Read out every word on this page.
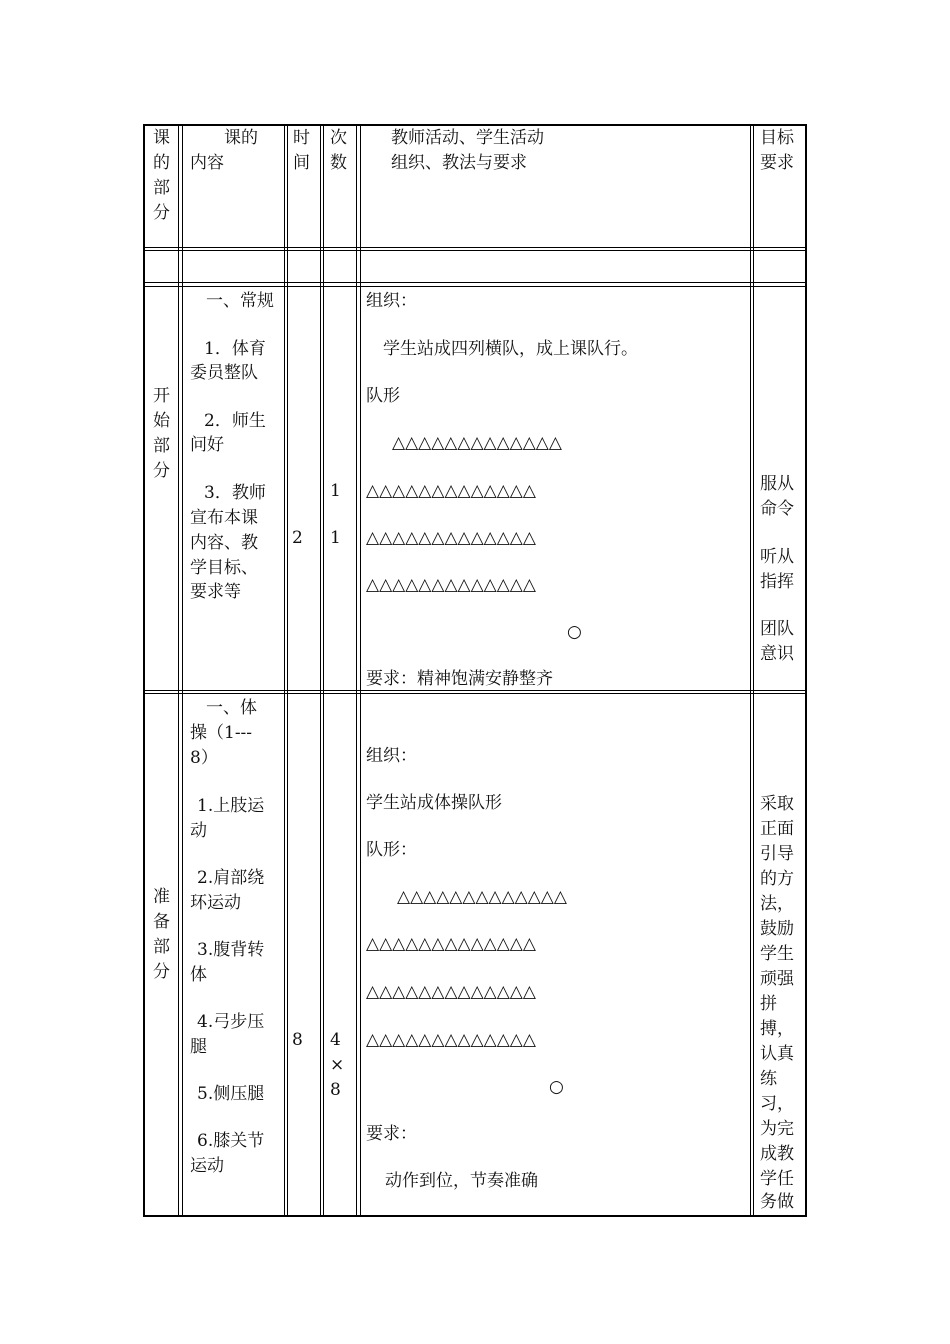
课
的
部
分
课的
内容
时
间
次
数
教师活动、学生活动
组织、教法与要求
目标
要求
开
始
部
分
一、常规
1．体育
委员整队
2．师生
问好
3．教师
宣布本课
内容、教
学目标、
要求等
2
1
1
组织：
学生站成四列横队，成上课队行。
队形
△△△△△△△△△△△△△
△△△△△△△△△△△△△
△△△△△△△△△△△△△
△△△△△△△△△△△△△
○
要求：精神饱满安静整齐
服从
命令
听从
指挥
团队
意识
准
备
部
分
一、体
操（1---
8）
1.上肢运
动
2.肩部绕
环运动
3.腹背转
体
4.弓步压
腿
5.侧压腿
6.膝关节
运动
8 4
×
8
组织：
学生站成体操队形
队形：
△△△△△△△△△△△△△
△△△△△△△△△△△△△
△△△△△△△△△△△△△
△△△△△△△△△△△△△
○
要求：
动作到位，节奏准确
采取
正面
引导
的方
法，
鼓励
学生
顽强
拼
搏，
认真
练
习，
为完
成教
学任
务做
